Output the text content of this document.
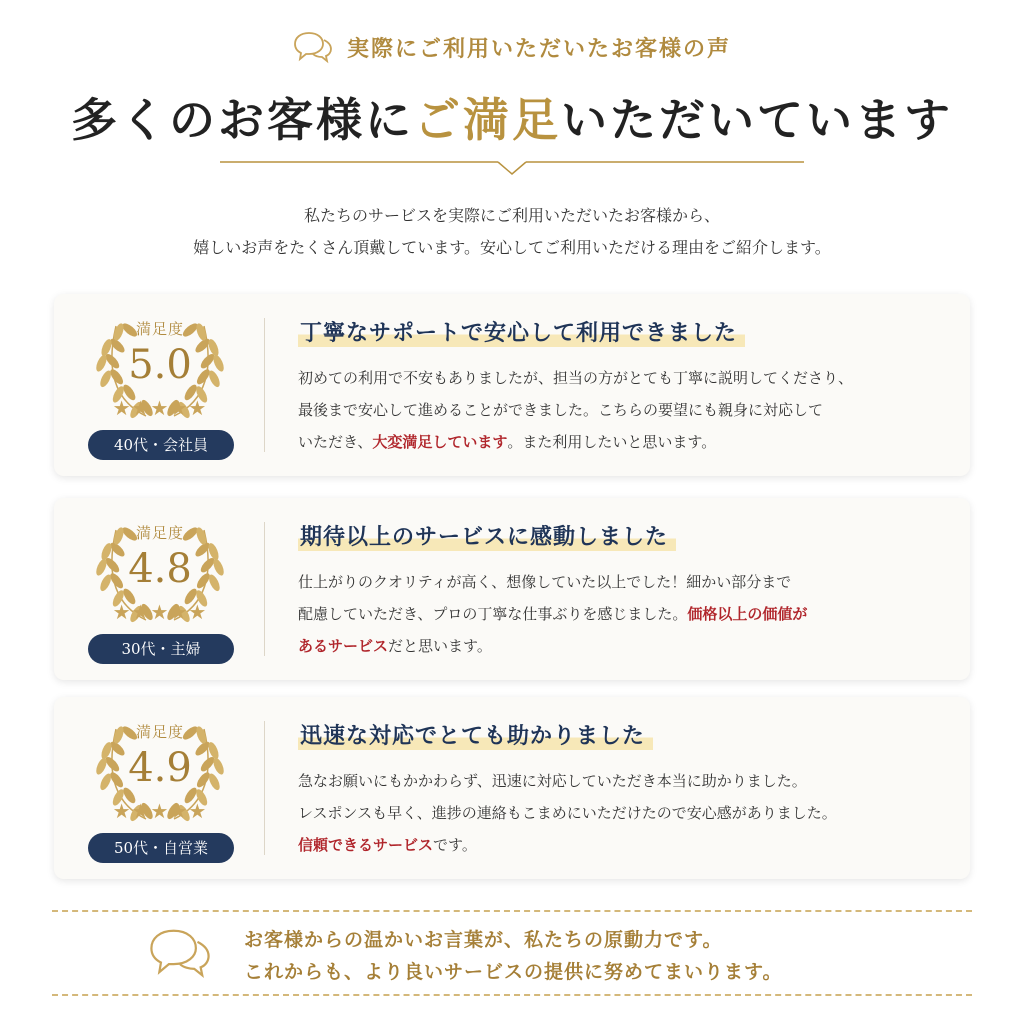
実際にご利用いただいたお客様の声
多くのお客様にご満足いただいています
私たちのサービスを実際にご利用いただいたお客様から、
嬉しいお声をたくさん頂戴しています。安心してご利用いただける理由をご紹介します。
満足度
5.0
★★★★★
40代・会社員
丁寧なサポートで安心して利用できました
初めての利用で不安もありましたが、担当の方がとても丁寧に説明してくださり、
最後まで安心して進めることができました。こちらの要望にも親身に対応して
いただき、大変満足しています。また利用したいと思います。
満足度
4.8
★★★★★
30代・主婦
期待以上のサービスに感動しました
仕上がりのクオリティが高く、想像していた以上でした！細かい部分まで
配慮していただき、プロの丁寧な仕事ぶりを感じました。価格以上の価値が
あるサービスだと思います。
満足度
4.9
★★★★★
50代・自営業
迅速な対応でとても助かりました
急なお願いにもかかわらず、迅速に対応していただき本当に助かりました。
レスポンスも早く、進捗の連絡もこまめにいただけたので安心感がありました。
信頼できるサービスです。
お客様からの温かいお言葉が、私たちの原動力です。
これからも、より良いサービスの提供に努めてまいります。
